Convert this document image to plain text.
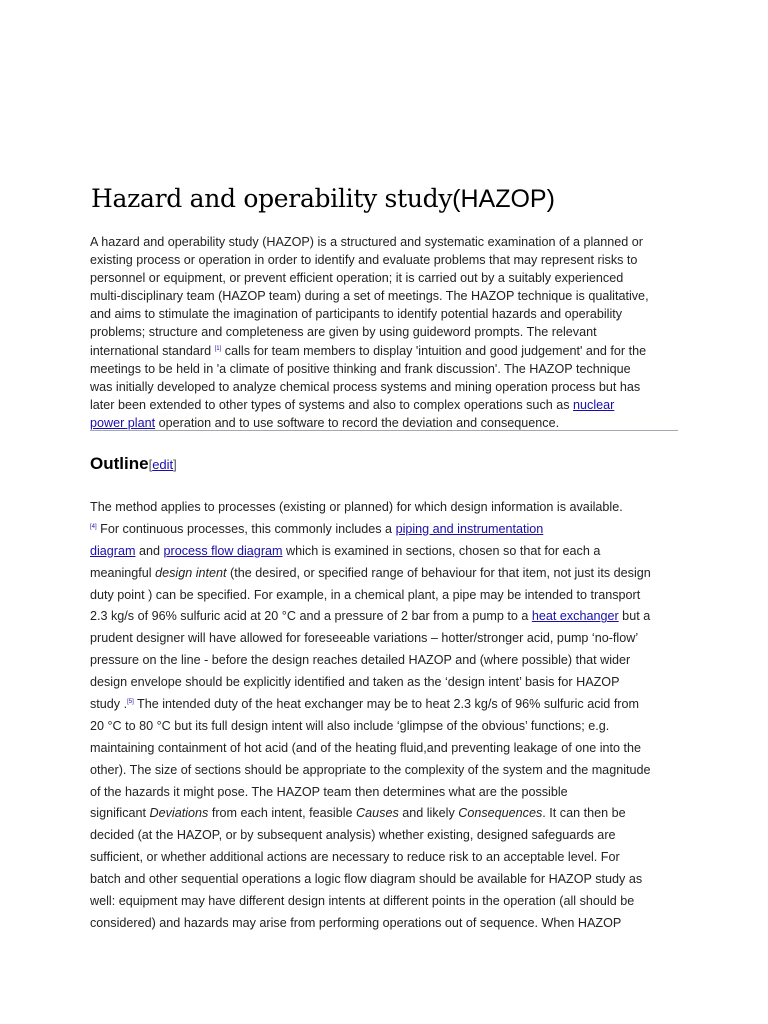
Hazard and operability study(HAZOP)
A hazard and operability study (HAZOP) is a structured and systematic examination of a planned or
existing process or operation in order to identify and evaluate problems that may represent risks to
personnel or equipment, or prevent efficient operation; it is carried out by a suitably experienced
multi-disciplinary team (HAZOP team) during a set of meetings. The HAZOP technique is qualitative,
and aims to stimulate the imagination of participants to identify potential hazards and operability
problems; structure and completeness are given by using guideword prompts. The relevant
international standard [1] calls for team members to display 'intuition and good judgement' and for the
meetings to be held in 'a climate of positive thinking and frank discussion'. The HAZOP technique
was initially developed to analyze chemical process systems and mining operation process but has
later been extended to other types of systems and also to complex operations such as nuclear
power plant operation and to use software to record the deviation and consequence.
Outline[edit]
The method applies to processes (existing or planned) for which design information is available.
[4] For continuous processes, this commonly includes a piping and instrumentation
diagram and process flow diagram which is examined in sections, chosen so that for each a
meaningful design intent (the desired, or specified range of behaviour for that item, not just its design
duty point ) can be specified. For example, in a chemical plant, a pipe may be intended to transport
2.3 kg/s of 96% sulfuric acid at 20 °C and a pressure of 2 bar from a pump to a heat exchanger but a
prudent designer will have allowed for foreseeable variations – hotter/stronger acid, pump ‘no-flow’
pressure on the line - before the design reaches detailed HAZOP and (where possible) that wider
design envelope should be explicitly identified and taken as the ‘design intent’ basis for HAZOP
study .[5] The intended duty of the heat exchanger may be to heat 2.3 kg/s of 96% sulfuric acid from
20 °C to 80 °C but its full design intent will also include ‘glimpse of the obvious’ functions; e.g.
maintaining containment of hot acid (and of the heating fluid,and preventing leakage of one into the
other). The size of sections should be appropriate to the complexity of the system and the magnitude
of the hazards it might pose. The HAZOP team then determines what are the possible
significant Deviations from each intent, feasible Causes and likely Consequences. It can then be
decided (at the HAZOP, or by subsequent analysis) whether existing, designed safeguards are
sufficient, or whether additional actions are necessary to reduce risk to an acceptable level. For
batch and other sequential operations a logic flow diagram should be available for HAZOP study as
well: equipment may have different design intents at different points in the operation (all should be
considered) and hazards may arise from performing operations out of sequence. When HAZOP
